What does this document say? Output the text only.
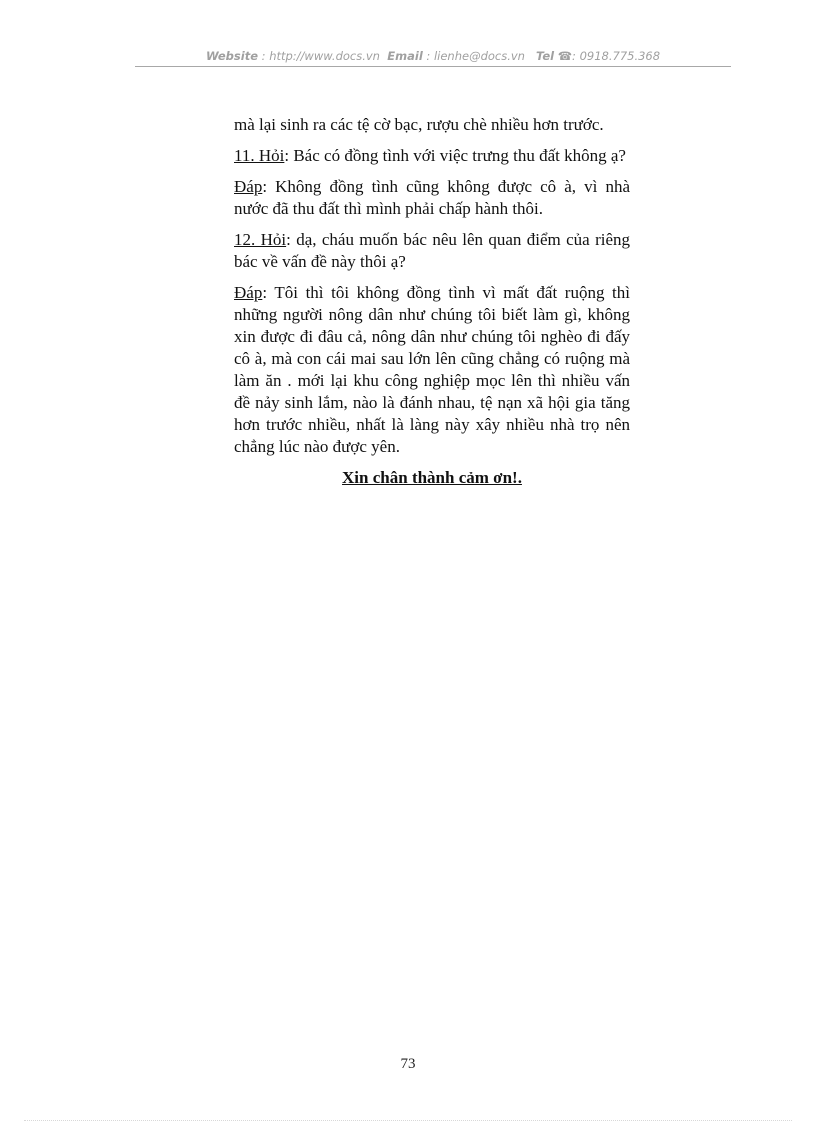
Website : http://www.docs.vn Email : lienhe@docs.vn Tel ☎: 0918.775.368

mà lại sinh ra các tệ cờ bạc, rượu chè nhiều hơn trước.

11. Hỏi: Bác có đồng tình với việc trưng thu đất không ạ?

Đáp: Không đồng tình cũng không được cô à, vì nhà nước đã thu đất thì mình phải chấp hành thôi.

12. Hỏi: dạ, cháu muốn bác nêu lên quan điểm của riêng bác về vấn đề này thôi ạ?

Đáp: Tôi thì tôi không đồng tình vì mất đất ruộng thì những người nông dân như chúng tôi biết làm gì, không xin được đi đâu cả, nông dân như chúng tôi nghèo đi đấy cô à, mà con cái mai sau lớn lên cũng chẳng có ruộng mà làm ăn . mới lại khu công nghiệp mọc lên thì nhiều vấn đề nảy sinh lắm, nào là đánh nhau, tệ nạn xã hội gia tăng hơn trước nhiều, nhất là làng này xây nhiều nhà trọ nên chẳng lúc nào được yên.

Xin chân thành cảm ơn!.

73
